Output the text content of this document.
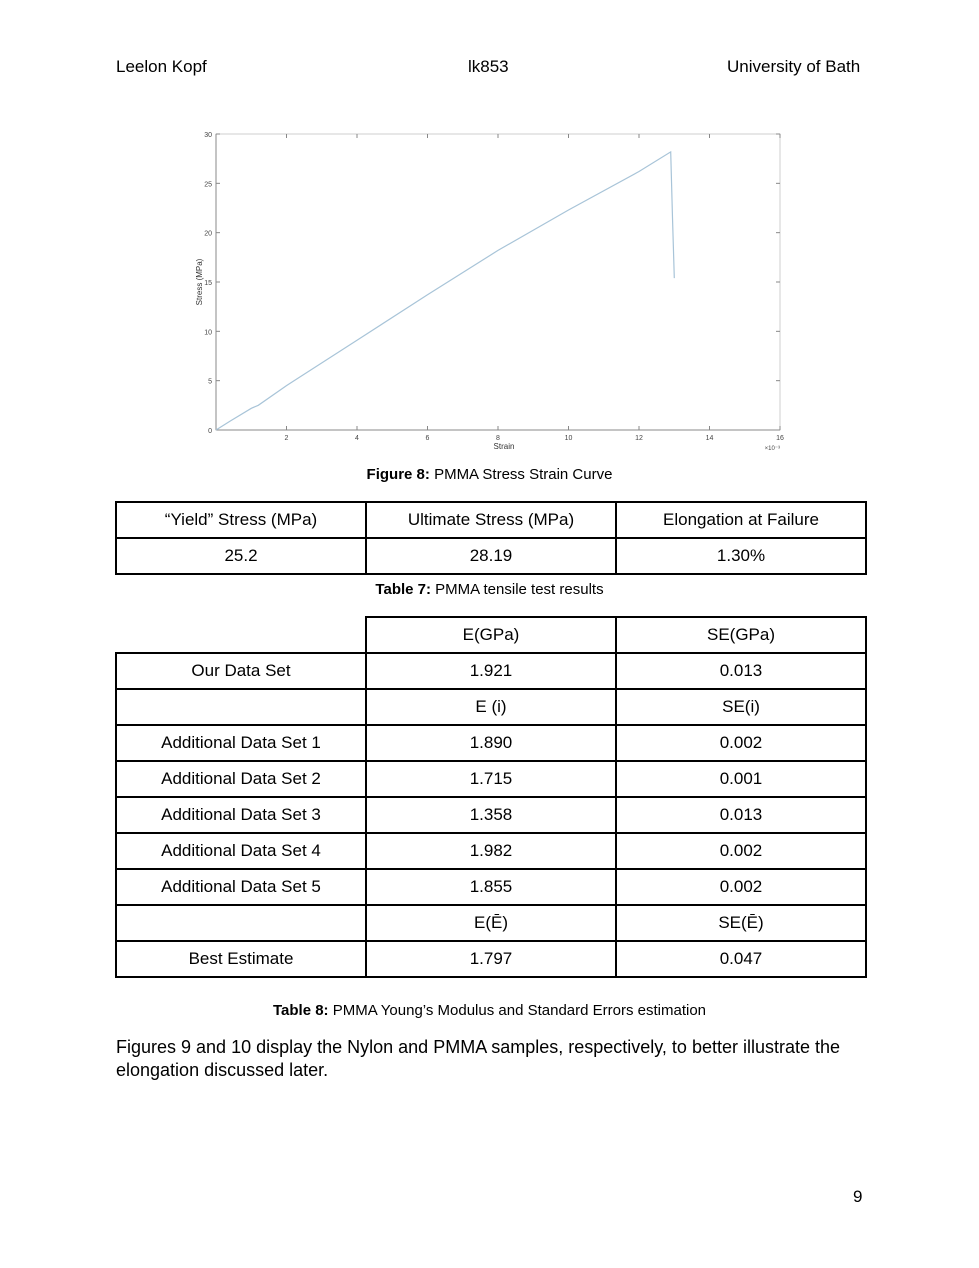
Leelon Kopf	lk853	University of Bath
0
5
10
15
20
25
30
2	4	6	8	10	12	14	16
Strain	×10⁻³
Stress (MPa)
Figure 8: PMMA Stress Strain Curve
“Yield” Stress (MPa)	Ultimate Stress (MPa)	Elongation at Failure
25.2	28.19	1.30%
Table 7: PMMA tensile test results
	E(GPa)	SE(GPa)
Our Data Set	1.921	0.013
	E (i)	SE(i)
Additional Data Set 1	1.890	0.002
Additional Data Set 2	1.715	0.001
Additional Data Set 3	1.358	0.013
Additional Data Set 4	1.982	0.002
Additional Data Set 5	1.855	0.002
	E(Ē)	SE(Ē)
Best Estimate	1.797	0.047
Table 8: PMMA Young’s Modulus and Standard Errors estimation
Figures 9 and 10 display the Nylon and PMMA samples, respectively, to better illustrate the elongation discussed later.
9
